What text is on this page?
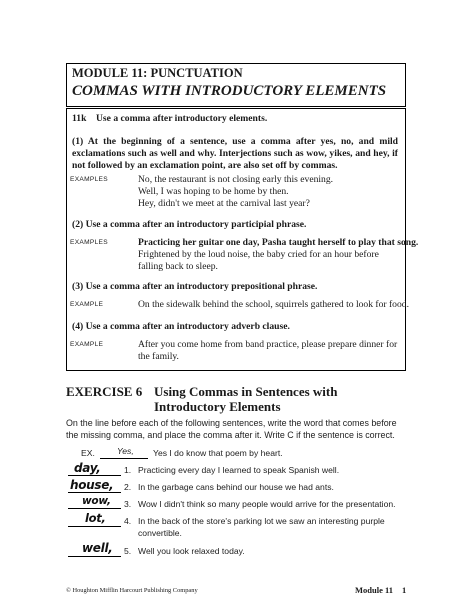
MODULE 11: PUNCTUATION
COMMAS WITH INTRODUCTORY ELEMENTS
11k Use a comma after introductory elements.
(1) At the beginning of a sentence, use a comma after yes, no, and mild exclamations such as well and why. Interjections such as wow, yikes, and hey, if not followed by an exclamation point, are also set off by commas.
EXAMPLES	No, the restaurant is not closing early this evening.
Well, I was hoping to be home by then.
Hey, didn't we meet at the carnival last year?
(2) Use a comma after an introductory participial phrase.
EXAMPLES	Practicing her guitar one day, Pasha taught herself to play that song.
Frightened by the loud noise, the baby cried for an hour before falling back to sleep.
(3) Use a comma after an introductory prepositional phrase.
EXAMPLE	On the sidewalk behind the school, squirrels gathered to look for food.
(4) Use a comma after an introductory adverb clause.
EXAMPLE	After you come home from band practice, please prepare dinner for the family.
EXERCISE 6 Using Commas in Sentences with Introductory Elements
On the line before each of the following sentences, write the word that comes before the missing comma, and place the comma after it. Write C if the sentence is correct.
EX.	Yes, Yes I do know that poem by heart.
day,	1. Practicing every day I learned to speak Spanish well.
house, 2. In the garbage cans behind our house we had ants.
wow, 3. Wow I didn't think so many people would arrive for the presentation.
lot, 4. In the back of the store's parking lot we saw an interesting purple convertible.
well, 5. Well you look relaxed today.
© Houghton Mifflin Harcourt Publishing Company	Module 11 1
